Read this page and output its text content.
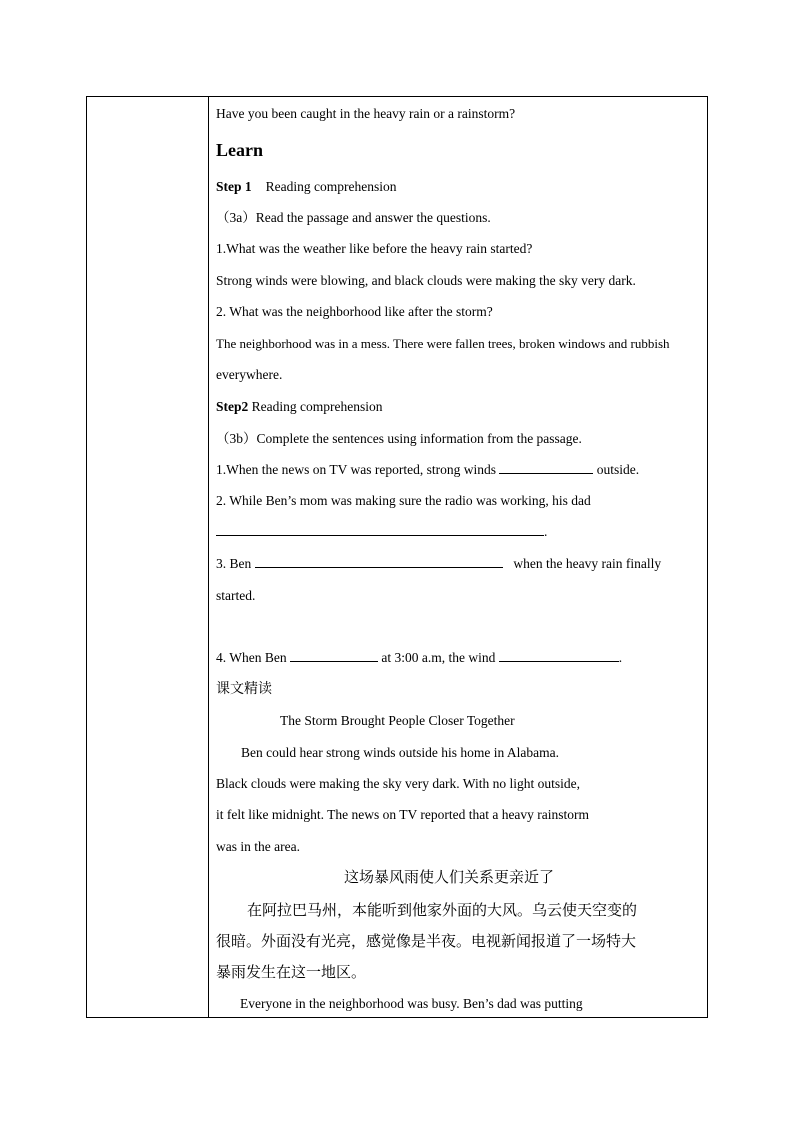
Have you been caught in the heavy rain or a rainstorm?
Learn
Step 1 Reading comprehension
（3a）Read the passage and answer the questions.
1.What was the weather like before the heavy rain started?
Strong winds were blowing, and black clouds were making the sky very dark.
2. What was the neighborhood like after the storm?
The neighborhood was in a mess. There were fallen trees, broken windows and rubbish
everywhere.
Step2 Reading comprehension
（3b）Complete the sentences using information from the passage.
1.When the news on TV was reported, strong winds	outside.
2. While Ben’s mom was making sure the radio was working, his dad
.
3. Ben	when the heavy rain finally
started.
4. When Ben	at 3:00 a.m, the wind	.
课文精读
The Storm Brought People Closer Together
Ben could hear strong winds outside his home in Alabama.
Black clouds were making the sky very dark. With no light outside,
it felt like midnight. The news on TV reported that a heavy rainstorm
was in the area.
这场暴风雨使人们关系更亲近了
在阿拉巴马州，本能听到他家外面的大风。乌云使天空变的
很暗。外面没有光亮，感觉像是半夜。电视新闻报道了一场特大
暴雨发生在这一地区。
Everyone in the neighborhood was busy. Ben’s dad was putting
